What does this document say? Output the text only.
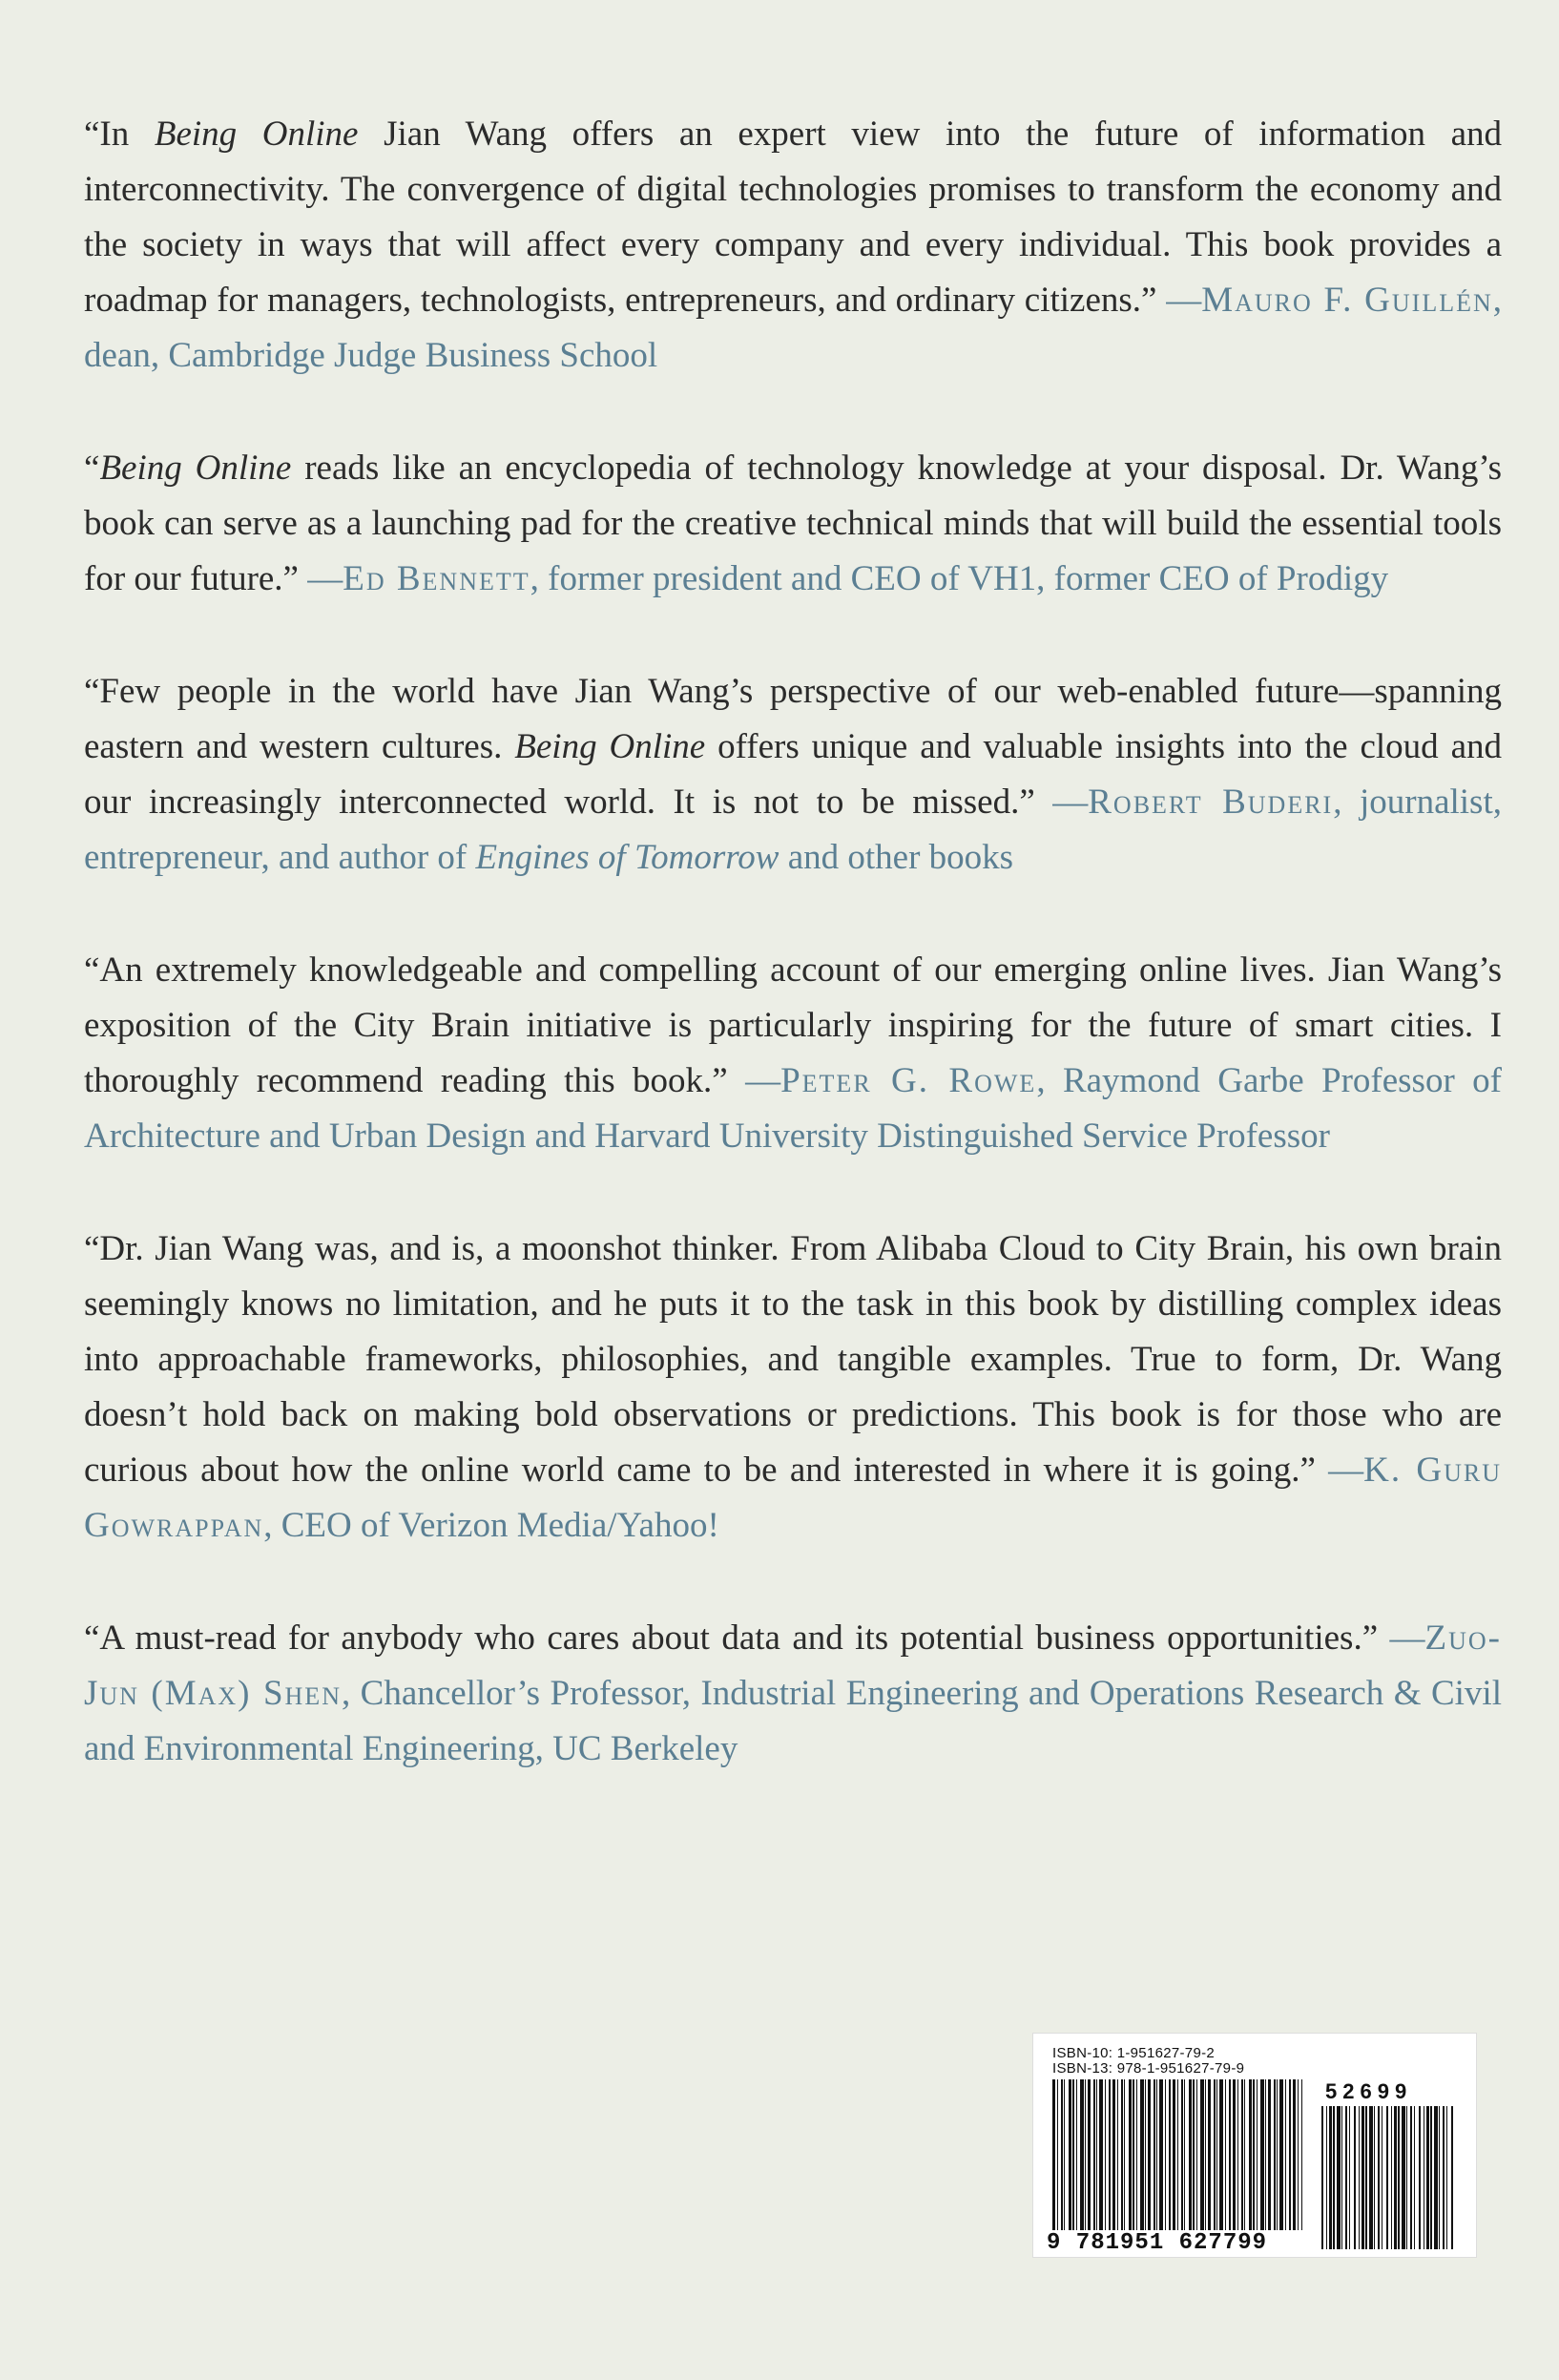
“In Being Online Jian Wang offers an expert view into the future of information and interconnectivity. The convergence of digital technologies promises to transform the economy and the society in ways that will affect every company and every individual. This book provides a roadmap for managers, technologists, entrepreneurs, and ordinary citizens.” —Mauro F. Guillén, dean, Cambridge Judge Business School

“Being Online reads like an encyclopedia of technology knowledge at your disposal. Dr. Wang’s book can serve as a launching pad for the creative technical minds that will build the essential tools for our future.” —Ed Bennett, former president and CEO of VH1, former CEO of Prodigy

“Few people in the world have Jian Wang’s perspective of our web-enabled future—spanning eastern and western cultures. Being Online offers unique and valuable insights into the cloud and our increasingly interconnected world. It is not to be missed.” —Robert Buderi, journalist, entrepreneur, and author of Engines of Tomorrow and other books

“An extremely knowledgeable and compelling account of our emerging online lives. Jian Wang’s exposition of the City Brain initiative is particularly inspiring for the future of smart cities. I thoroughly recommend reading this book.” —Peter G. Rowe, Raymond Garbe Professor of Architecture and Urban Design and Harvard University Distinguished Service Professor

“Dr. Jian Wang was, and is, a moonshot thinker. From Alibaba Cloud to City Brain, his own brain seemingly knows no limitation, and he puts it to the task in this book by distilling complex ideas into approachable frameworks, philosophies, and tangible examples. True to form, Dr. Wang doesn’t hold back on making bold observations or predictions. This book is for those who are curious about how the online world came to be and interested in where it is going.” —K. Guru Gowrappan, CEO of Verizon Media/Yahoo!

“A must-read for anybody who cares about data and its potential business opportunities.” —Zuo-Jun (Max) Shen, Chancellor’s Professor, Industrial Engineering and Operations Research & Civil and Environmental Engineering, UC Berkeley

ISBN-10: 1-951627-79-2
ISBN-13: 978-1-951627-79-9
52699
9 781951 627799
